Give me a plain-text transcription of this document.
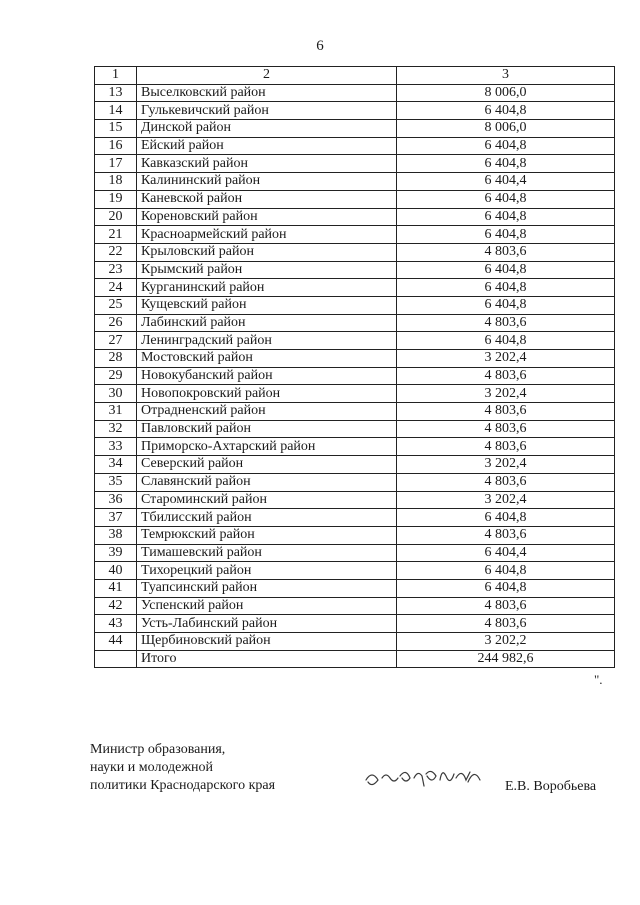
6
1	2	3
13	Выселковский район	8 006,0
14	Гулькевичский район	6 404,8
15	Динской район	8 006,0
16	Ейский район	6 404,8
17	Кавказский район	6 404,8
18	Калининский район	6 404,4
19	Каневской район	6 404,8
20	Кореновский район	6 404,8
21	Красноармейский район	6 404,8
22	Крыловский район	4 803,6
23	Крымский район	6 404,8
24	Курганинский район	6 404,8
25	Кущевский район	6 404,8
26	Лабинский район	4 803,6
27	Ленинградский район	6 404,8
28	Мостовский район	3 202,4
29	Новокубанский район	4 803,6
30	Новопокровский район	3 202,4
31	Отрадненский район	4 803,6
32	Павловский район	4 803,6
33	Приморско-Ахтарский район	4 803,6
34	Северский район	3 202,4
35	Славянский район	4 803,6
36	Староминский район	3 202,4
37	Тбилисский район	6 404,8
38	Темрюкский район	4 803,6
39	Тимашевский район	6 404,4
40	Тихорецкий район	6 404,8
41	Туапсинский район	6 404,8
42	Успенский район	4 803,6
43	Усть-Лабинский район	4 803,6
44	Щербиновский район	3 202,2
	Итого	244 982,6
".
Министр образования,
науки и молодежной
политики Краснодарского края	Е.В. Воробьева
